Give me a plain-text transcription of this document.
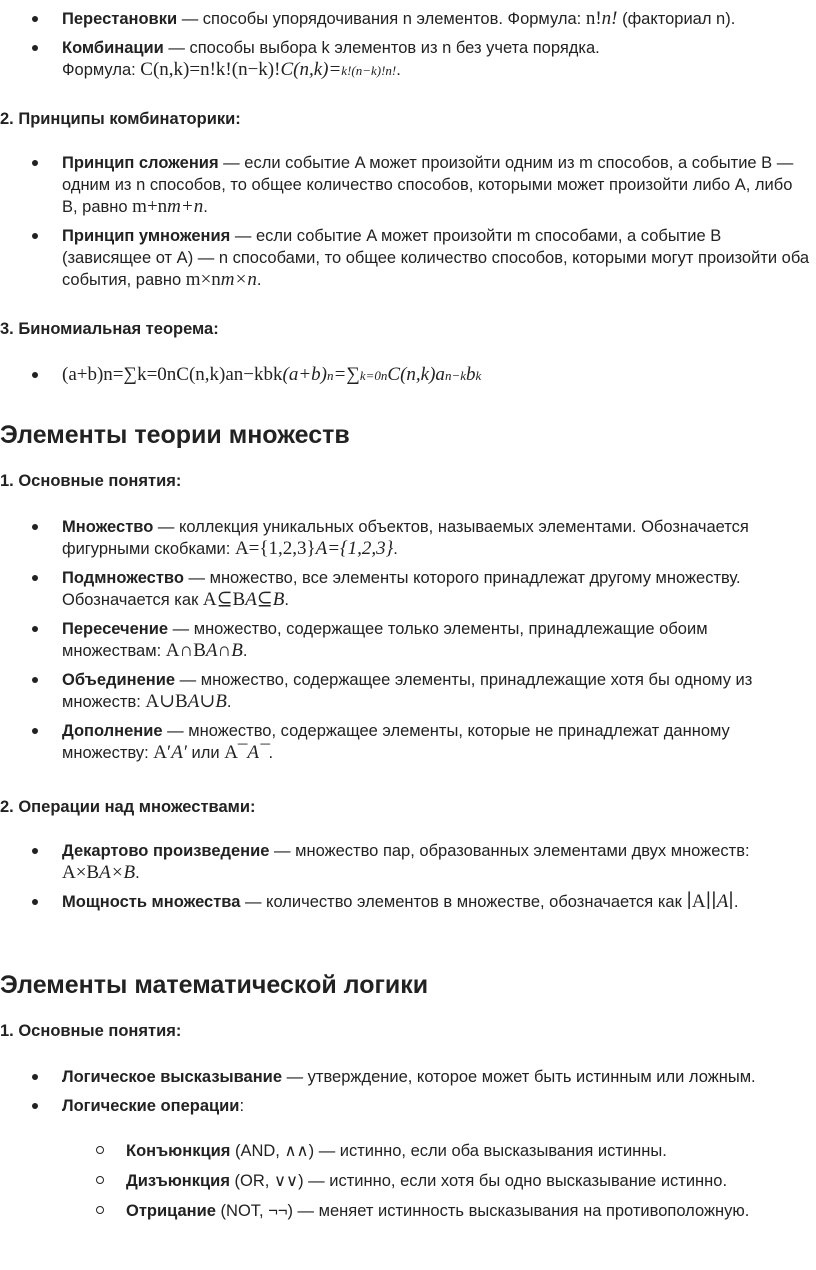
Перестановки — способы упорядочивания n элементов. Формула: n!n! (факториал n).
Комбинации — способы выбора k элементов из n без учета порядка.
Формула: C(n,k)=n!k!(n−k)!C(n,k)=k!(n−k)!n!.
2. Принципы комбинаторики:
Принцип сложения — если событие A может произойти одним из m способов, а событие B — одним из n способов, то общее количество способов, которыми может произойти либо A, либо B, равно m+nm+n.
Принцип умножения — если событие A может произойти m способами, а событие B (зависящее от A) — n способами, то общее количество способов, которыми могут произойти оба события, равно m×nm×n.
3. Биномиальная теорема:
(a+b)n=∑k=0nC(n,k)an−kbk(a+b)n=∑k=0nC(n,k)an−kbk
Элементы теории множеств
1. Основные понятия:
Множество — коллекция уникальных объектов, называемых элементами. Обозначается фигурными скобками: A={1,2,3}A={1,2,3}.
Подмножество — множество, все элементы которого принадлежат другому множеству. Обозначается как A⊆BA⊆B.
Пересечение — множество, содержащее только элементы, принадлежащие обоим множествам: A∩BA∩B.
Объединение — множество, содержащее элементы, принадлежащие хотя бы одному из множеств: A∪BA∪B.
Дополнение — множество, содержащее элементы, которые не принадлежат данному множеству: A′A′ или A¯A¯.
2. Операции над множествами:
Декартово произведение — множество пар, образованных элементами двух множеств: A×BA×B.
Мощность множества — количество элементов в множестве, обозначается как ∣A∣∣A∣.
Элементы математической логики
1. Основные понятия:
Логическое высказывание — утверждение, которое может быть истинным или ложным.
Логические операции:
Конъюнкция (AND, ∧∧) — истинно, если оба высказывания истинны.
Дизъюнкция (OR, ∨∨) — истинно, если хотя бы одно высказывание истинно.
Отрицание (NOT, ¬¬) — меняет истинность высказывания на противоположную.
